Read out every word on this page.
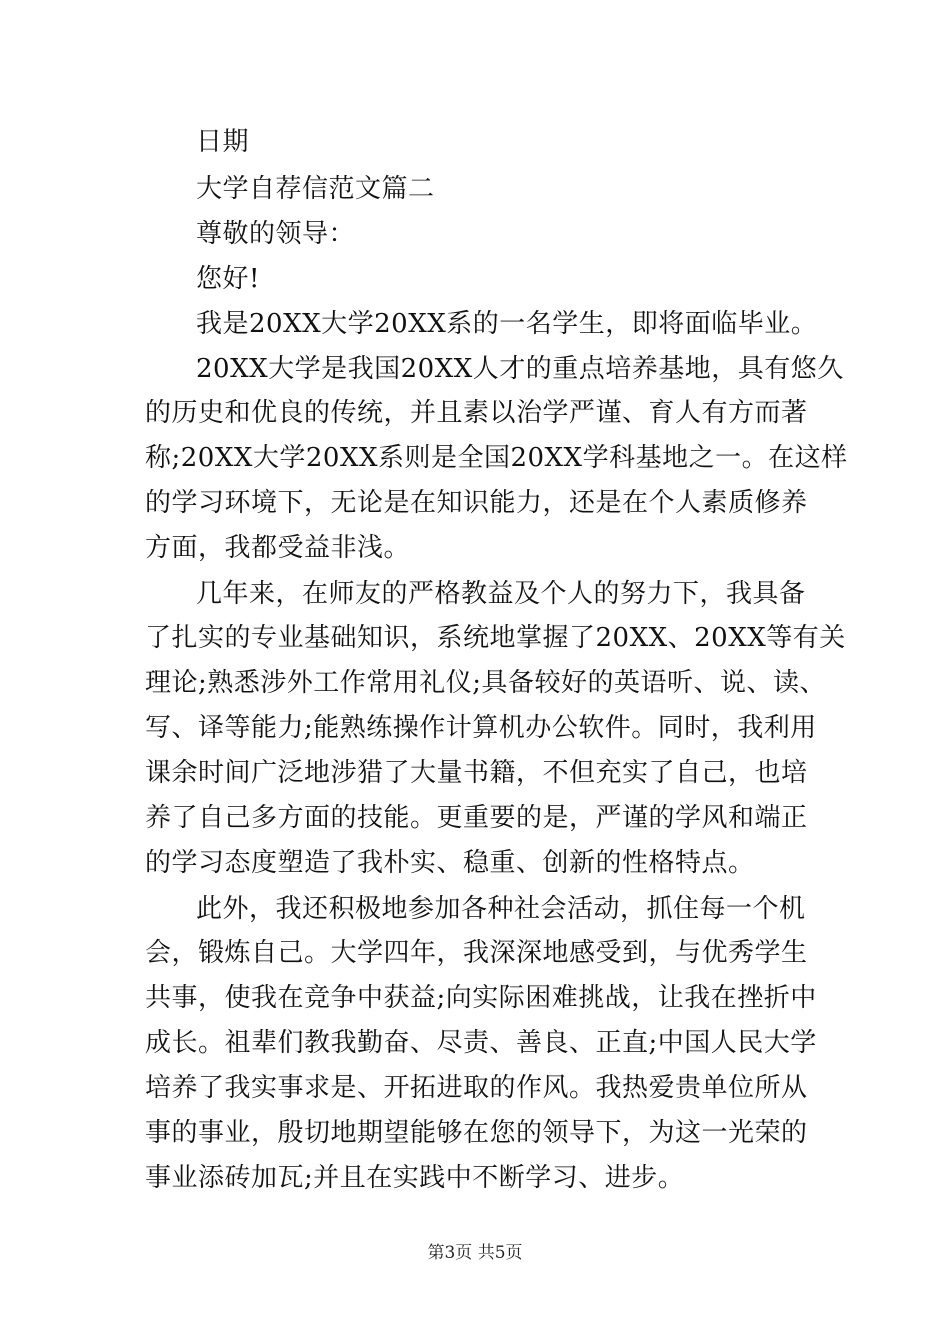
日期
大学自荐信范文篇二
尊敬的领导：
您好!
我是20XX大学20XX系的一名学生，即将面临毕业。
20XX大学是我国20XX人才的重点培养基地，具有悠久
的历史和优良的传统，并且素以治学严谨、育人有方而著
称;20XX大学20XX系则是全国20XX学科基地之一。在这样
的学习环境下，无论是在知识能力，还是在个人素质修养
方面，我都受益非浅。
几年来，在师友的严格教益及个人的努力下，我具备
了扎实的专业基础知识，系统地掌握了20XX、20XX等有关
理论;熟悉涉外工作常用礼仪;具备较好的英语听、说、读、
写、译等能力;能熟练操作计算机办公软件。同时，我利用
课余时间广泛地涉猎了大量书籍，不但充实了自己，也培
养了自己多方面的技能。更重要的是，严谨的学风和端正
的学习态度塑造了我朴实、稳重、创新的性格特点。
此外，我还积极地参加各种社会活动，抓住每一个机
会，锻炼自己。大学四年，我深深地感受到，与优秀学生
共事，使我在竞争中获益;向实际困难挑战，让我在挫折中
成长。祖辈们教我勤奋、尽责、善良、正直;中国人民大学
培养了我实事求是、开拓进取的作风。我热爱贵单位所从
事的事业，殷切地期望能够在您的领导下，为这一光荣的
事业添砖加瓦;并且在实践中不断学习、进步。
第3页 共5页
